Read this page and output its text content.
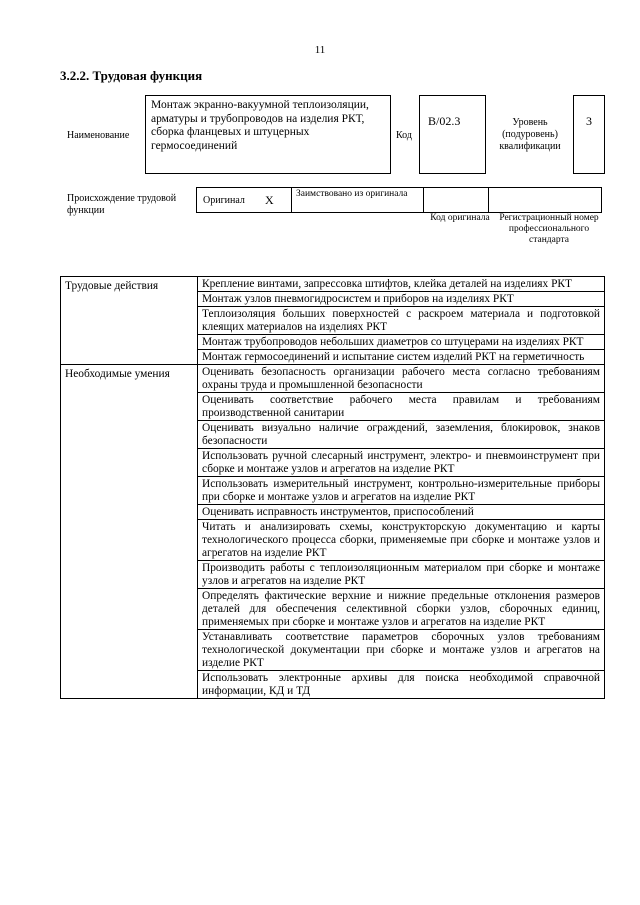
11
3.2.2. Трудовая функция
Наименование
Монтаж экранно-вакуумной теплоизоляции, арматуры и трубопроводов на изделия РКТ, сборка фланцевых и штуцерных гермосоединений
Код
В/02.3	Уровень (подуровень) квалификации
3
Происхождение трудовой функции
Оригинал X	Заимствовано из оригинала
Код оригинала	Регистрационный номер профессионального стандарта
Трудовые действия	Крепление винтами, запрессовка штифтов, клейка деталей на изделиях РКТ
	Монтаж узлов пневмогидросистем и приборов на изделиях РКТ
	Теплоизоляция больших поверхностей с раскроем материала и подготовкой клеящих материалов на изделиях РКТ
	Монтаж трубопроводов небольших диаметров со штуцерами на изделиях РКТ
	Монтаж гермосоединений и испытание систем изделий РКТ на герметичность
Необходимые умения	Оценивать безопасность организации рабочего места согласно требованиям охраны труда и промышленной безопасности
	Оценивать соответствие рабочего места правилам и требованиям производственной санитарии
	Оценивать визуально наличие ограждений, заземления, блокировок, знаков безопасности
	Использовать ручной слесарный инструмент, электро- и пневмоинструмент при сборке и монтаже узлов и агрегатов на изделие РКТ
	Использовать измерительный инструмент, контрольно-измерительные приборы при сборке и монтаже узлов и агрегатов на изделие РКТ
	Оценивать исправность инструментов, приспособлений
	Читать и анализировать схемы, конструкторскую документацию и карты технологического процесса сборки, применяемые при сборке и монтаже узлов и агрегатов на изделие РКТ
	Производить работы с теплоизоляционным материалом при сборке и монтаже узлов и агрегатов на изделие РКТ
	Определять фактические верхние и нижние предельные отклонения размеров деталей для обеспечения селективной сборки узлов, сборочных единиц, применяемых при сборке и монтаже узлов и агрегатов на изделие РКТ
	Устанавливать соответствие параметров сборочных узлов требованиям технологической документации при сборке и монтаже узлов и агрегатов на изделие РКТ
	Использовать электронные архивы для поиска необходимой справочной информации, КД и ТД
